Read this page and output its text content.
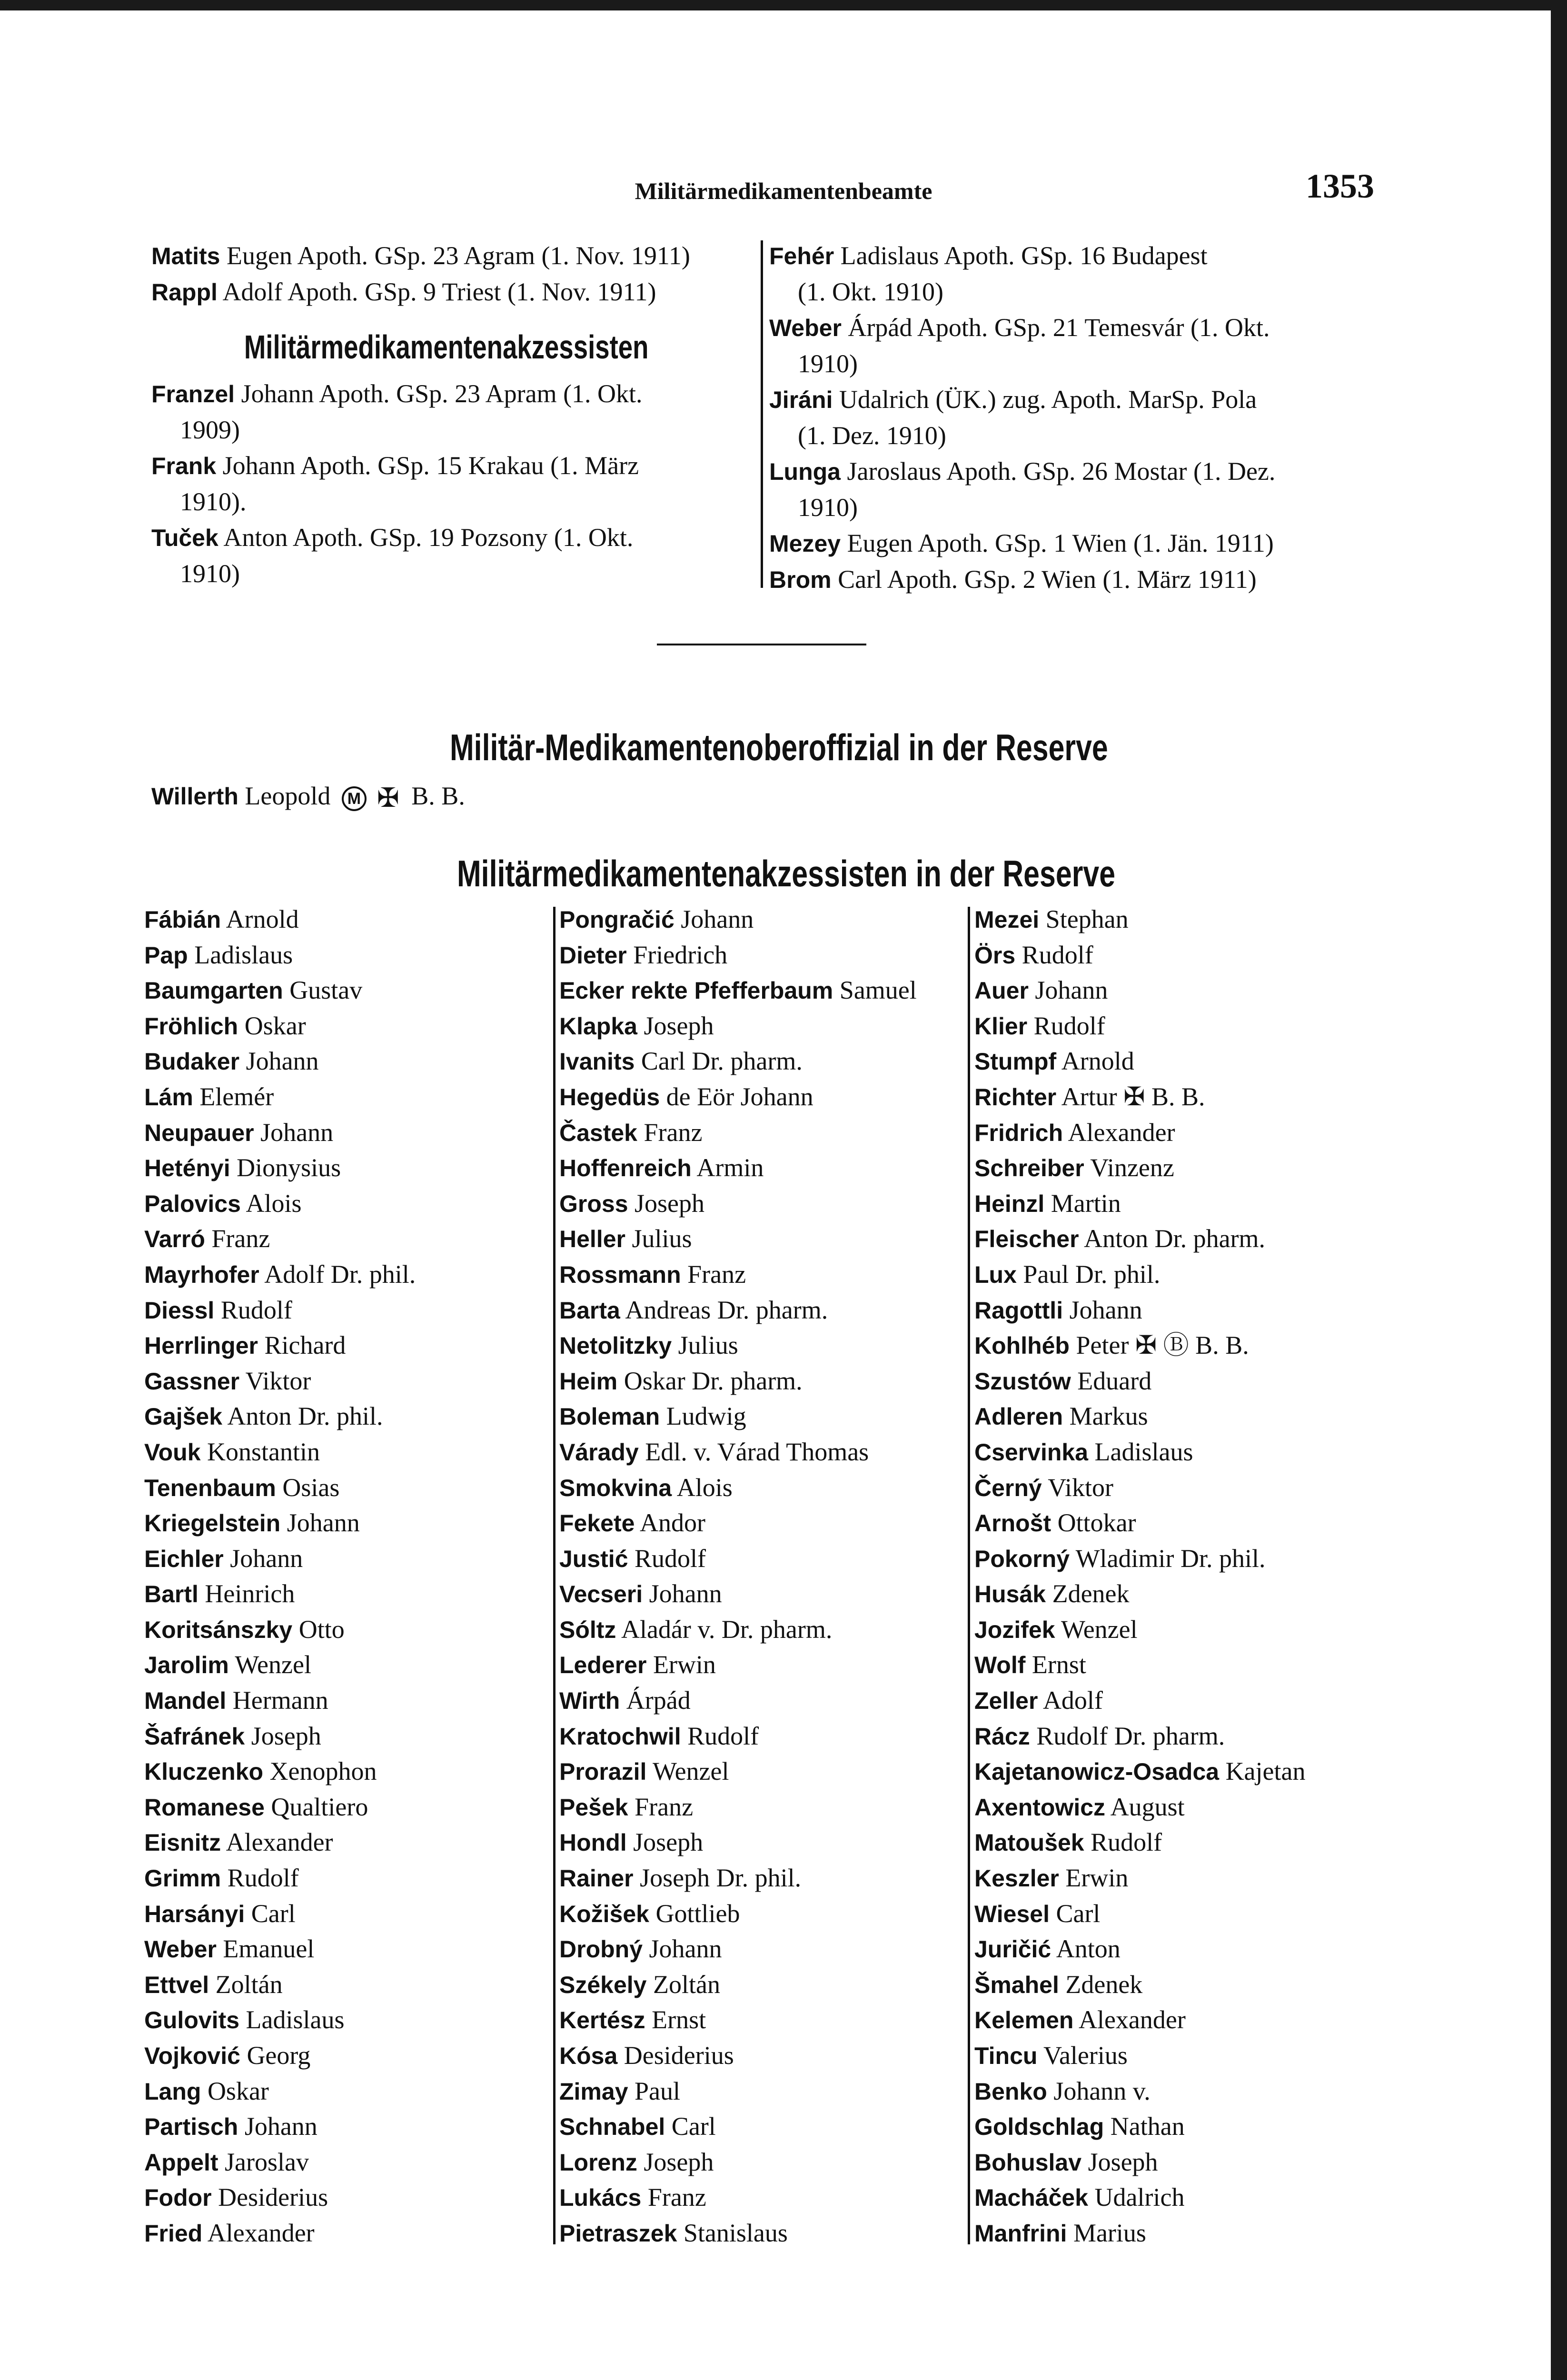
Militärmedikamentenbeamte	1353
Matits Eugen Apoth. GSp. 23 Agram (1. Nov. 1911)
Rappl Adolf Apoth. GSp. 9 Triest (1. Nov. 1911)
Militärmedikamentenakzessisten
Franzel Johann Apoth. GSp. 23 Apram (1. Okt.
1909)
Frank Johann Apoth. GSp. 15 Krakau (1. März
1910).
Tuček Anton Apoth. GSp. 19 Pozsony (1. Okt.
1910)
Fehér Ladislaus Apoth. GSp. 16 Budapest
(1. Okt. 1910)
Weber Árpád Apoth. GSp. 21 Temesvár (1. Okt.
1910)
Jiráni Udalrich (ÜK.) zug. Apoth. MarSp. Pola
(1. Dez. 1910)
Lunga Jaroslaus Apoth. GSp. 26 Mostar (1. Dez.
1910)
Mezey Eugen Apoth. GSp. 1 Wien (1. Jän. 1911)
Brom Carl Apoth. GSp. 2 Wien (1. März 1911)
Militär-Medikamentenoberoffizial in der Reserve
Willerth Leopold M ✠ B. B.
Militärmedikamentenakzessisten in der Reserve
Fábián Arnold
Pap Ladislaus
Baumgarten Gustav
Fröhlich Oskar
Budaker Johann
Lám Elemér
Neupauer Johann
Hetényi Dionysius
Palovics Alois
Varró Franz
Mayrhofer Adolf Dr. phil.
Diessl Rudolf
Herrlinger Richard
Gassner Viktor
Gajšek Anton Dr. phil.
Vouk Konstantin
Tenenbaum Osias
Kriegelstein Johann
Eichler Johann
Bartl Heinrich
Koritsánszky Otto
Jarolim Wenzel
Mandel Hermann
Šafránek Joseph
Kluczenko Xenophon
Romanese Qualtiero
Eisnitz Alexander
Grimm Rudolf
Harsányi Carl
Weber Emanuel
Ettvel Zoltán
Gulovits Ladislaus
Vojković Georg
Lang Oskar
Partisch Johann
Appelt Jaroslav
Fodor Desiderius
Fried Alexander
Pongračić Johann
Dieter Friedrich
Ecker rekte Pfefferbaum Samuel
Klapka Joseph
Ivanits Carl Dr. pharm.
Hegedüs de Eör Johann
Častek Franz
Hoffenreich Armin
Gross Joseph
Heller Julius
Rossmann Franz
Barta Andreas Dr. pharm.
Netolitzky Julius
Heim Oskar Dr. pharm.
Boleman Ludwig
Várady Edl. v. Várad Thomas
Smokvina Alois
Fekete Andor
Justić Rudolf
Vecseri Johann
Sóltz Aladár v. Dr. pharm.
Lederer Erwin
Wirth Árpád
Kratochwil Rudolf
Prorazil Wenzel
Pešek Franz
Hondl Joseph
Rainer Joseph Dr. phil.
Kožišek Gottlieb
Drobný Johann
Székely Zoltán
Kertész Ernst
Kósa Desiderius
Zimay Paul
Schnabel Carl
Lorenz Joseph
Lukács Franz
Pietraszek Stanislaus
Mezei Stephan
Örs Rudolf
Auer Johann
Klier Rudolf
Stumpf Arnold
Richter Artur ✠ B. B.
Fridrich Alexander
Schreiber Vinzenz
Heinzl Martin
Fleischer Anton Dr. pharm.
Lux Paul Dr. phil.
Ragottli Johann
Kohlhéb Peter ✠ Ⓑ B. B.
Szustów Eduard
Adleren Markus
Cservinka Ladislaus
Černý Viktor
Arnošt Ottokar
Pokorný Wladimir Dr. phil.
Husák Zdenek
Jozifek Wenzel
Wolf Ernst
Zeller Adolf
Rácz Rudolf Dr. pharm.
Kajetanowicz-Osadca Kajetan
Axentowicz August
Matoušek Rudolf
Keszler Erwin
Wiesel Carl
Juričić Anton
Šmahel Zdenek
Kelemen Alexander
Tincu Valerius
Benko Johann v.
Goldschlag Nathan
Bohuslav Joseph
Macháček Udalrich
Manfrini Marius
